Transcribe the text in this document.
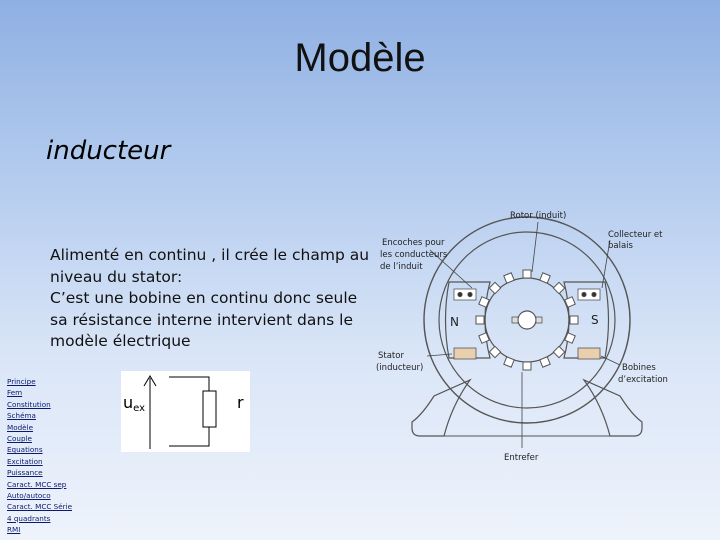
Modèle
inducteur
Alimenté en continu , il crée le champ au
niveau du stator:
C’est une bobine en continu donc seule
sa résistance interne intervient dans le
modèle électrique
Principe
Fem
Constitution
Schéma
Modèle
Couple
Equations
Excitation
Puissance
Caract. MCC sep
Auto/autoco
Caract. MCC Série
4 quadrants
RMI
uex	r
N	S
Rotor (induit)
Encoches pour
les conducteurs
de l’induit
Collecteur et
balais
Stator
(inducteur)	Bobines
d’excitation
Entrefer
